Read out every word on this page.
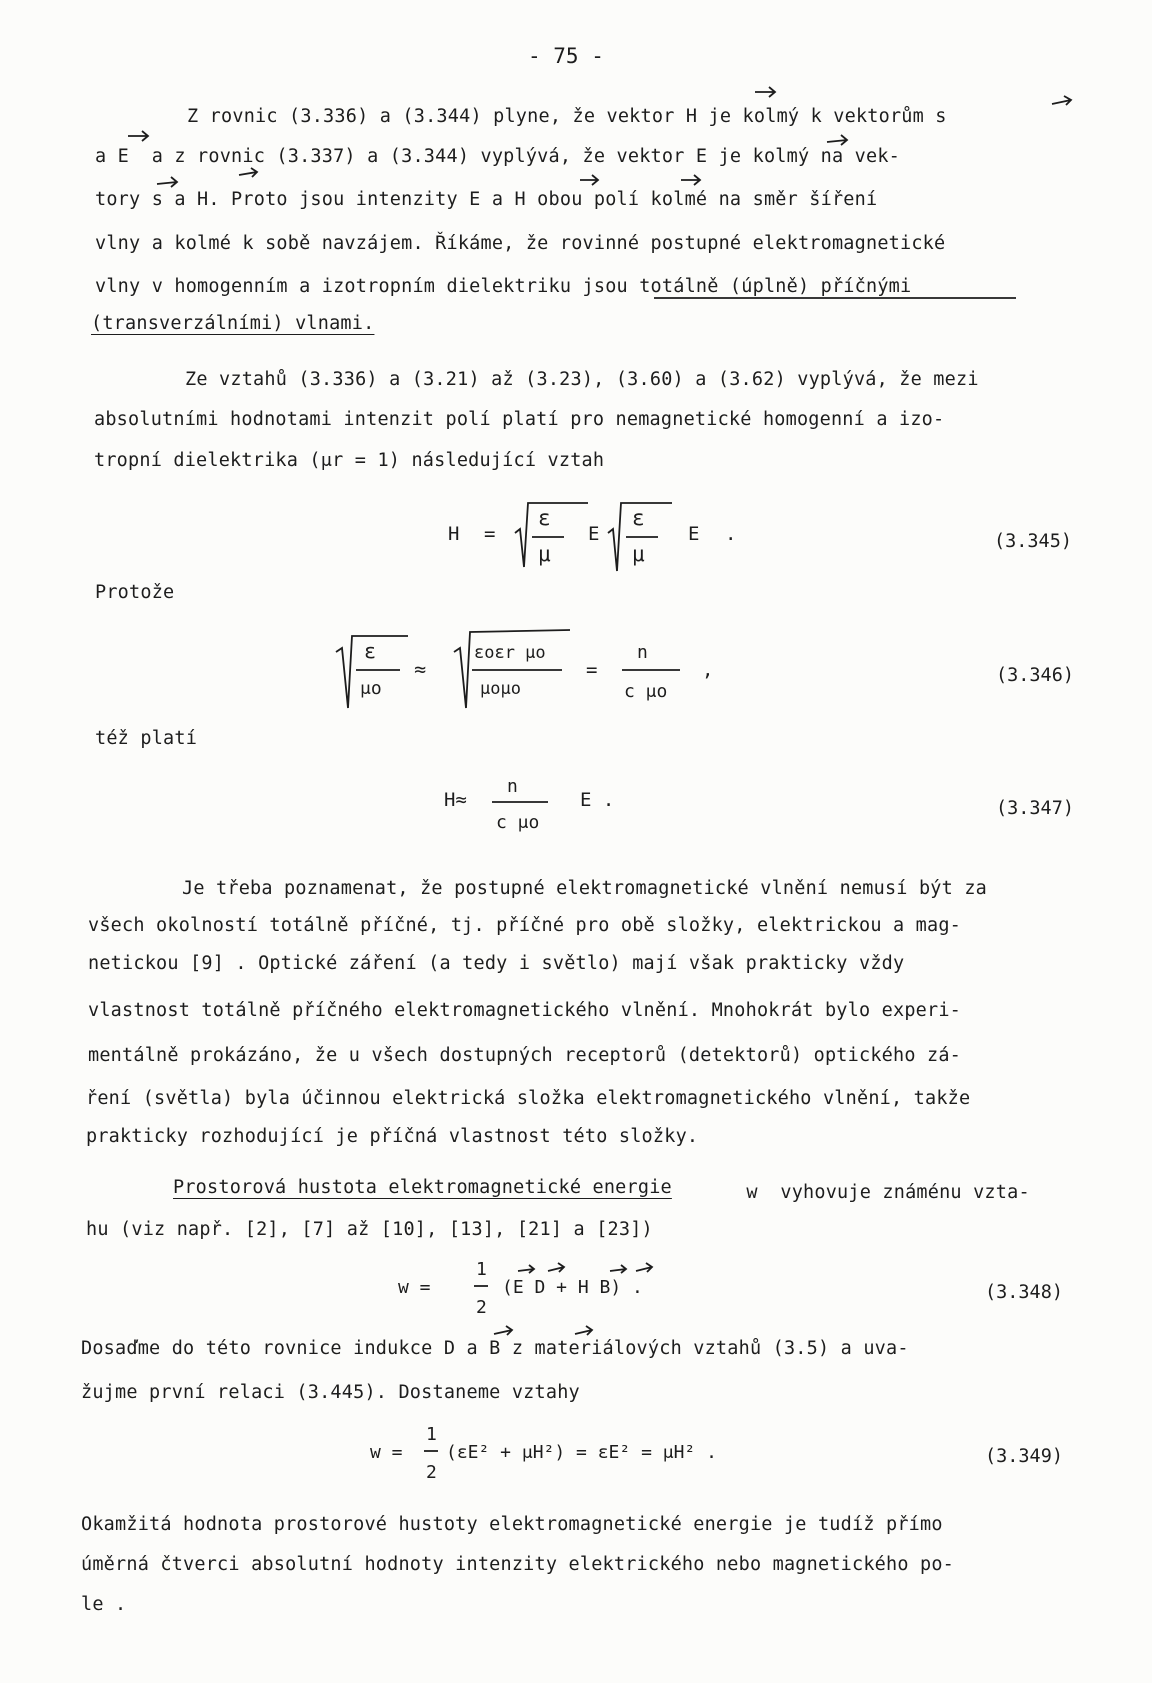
- 75 -
Z rovnic (3.336) a (3.344) plyne, že vektor H je kolmý k vektorům s
a E  a z rovnic (3.337) a (3.344) vyplývá, že vektor E je kolmý na vek-
tory s a H. Proto jsou intenzity E a H obou polí kolmé na směr šíření
vlny a kolmé k sobě navzájem. Říkáme, že rovinné postupné elektromagnetické
vlny v homogenním a izotropním dielektriku jsou totálně (úplně) příčnými
(transverzálními) vlnami.
Ze vztahů (3.336) a (3.21) až (3.23), (3.60) a (3.62) vyplývá, že mezi
absolutními hodnotami intenzit polí platí pro nemagnetické homogenní a izo-
tropní dielektrika (μr = 1) následující vztah
H =
ε
μ
E
ε
μ
E .	(3.345)
Protože
ε
μo
≈
εoεr μo
μoμo
=
n
c μo
,	(3.346)
též platí
H≈
n
c μo
E .	(3.347)
Je třeba poznamenat, že postupné elektromagnetické vlnění nemusí být za
všech okolností totálně příčné, tj. příčné pro obě složky, elektrickou a mag-
netickou [9] . Optické záření (a tedy i světlo) mají však prakticky vždy
vlastnost totálně příčného elektromagnetického vlnění. Mnohokrát bylo experi-
mentálně prokázáno, že u všech dostupných receptorů (detektorů) optického zá-
ření (světla) byla účinnou elektrická složka elektromagnetického vlnění, takže
prakticky rozhodující je příčná vlastnost této složky.
Prostorová hustota elektromagnetické energie	w  vyhovuje známénu vzta-
hu (viz např. [2], [7] až [10], [13], [21] a [23])
w =
1
2
(E D + H B) .	(3.348)
Dosaďme do této rovnice indukce D a B z materiálových vztahů (3.5) a uva-
žujme první relaci (3.445). Dostaneme vztahy
w =
1
2
(εE² + μH²) = εE² = μH² .	(3.349)
Okamžitá hodnota prostorové hustoty elektromagnetické energie je tudíž přímo
úměrná čtverci absolutní hodnoty intenzity elektrického nebo magnetického po-
le .
